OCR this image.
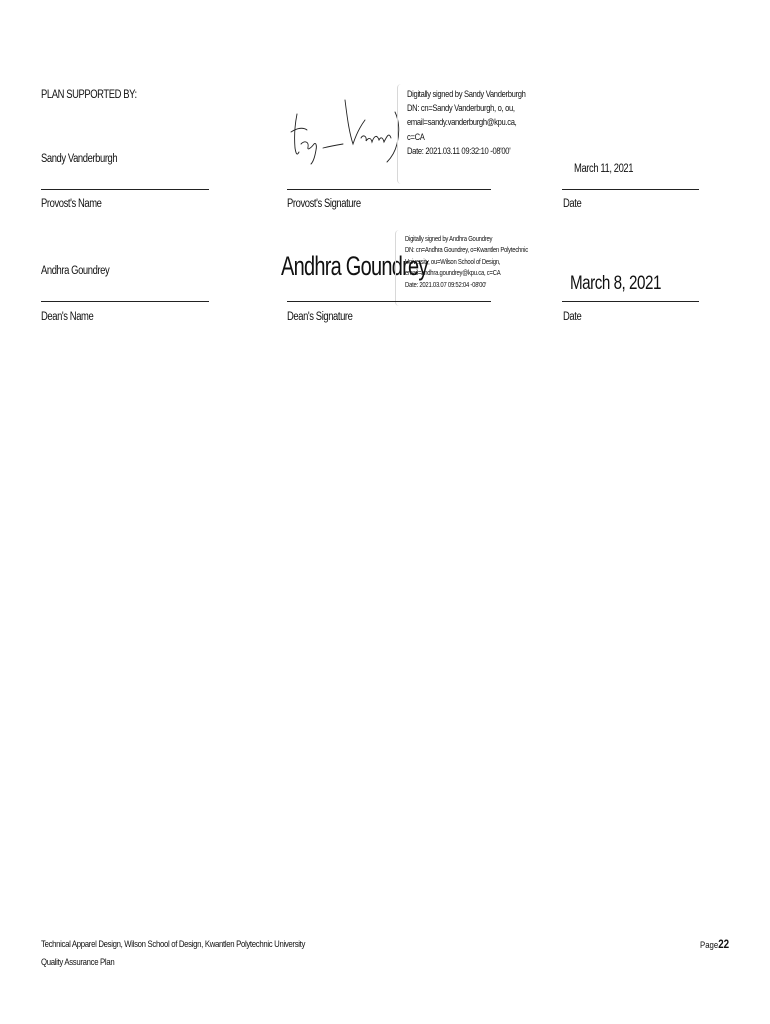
PLAN SUPPORTED BY:
Sandy Vanderburgh
Provost's Name
Digitally signed by Sandy Vanderburgh
DN: cn=Sandy Vanderburgh, o, ou,
email=sandy.vanderburgh@kpu.ca,
c=CA
Date: 2021.03.11 09:32:10 -08'00'
Provost's Signature
March 11, 2021
Date
Andhra Goundrey
Dean's Name
Andhra Goundrey
Digitally signed by Andhra Goundrey
DN: cn=Andhra Goundrey, o=Kwantlen Polytechnic
University, ou=Wilson School of Design,
email=andhra.goundrey@kpu.ca, c=CA
Date: 2021.03.07 09:52:04 -08'00'
Dean's Signature
March 8, 2021
Date
Technical Apparel Design, Wilson School of Design, Kwantlen Polytechnic University
Quality Assurance Plan
Page22
